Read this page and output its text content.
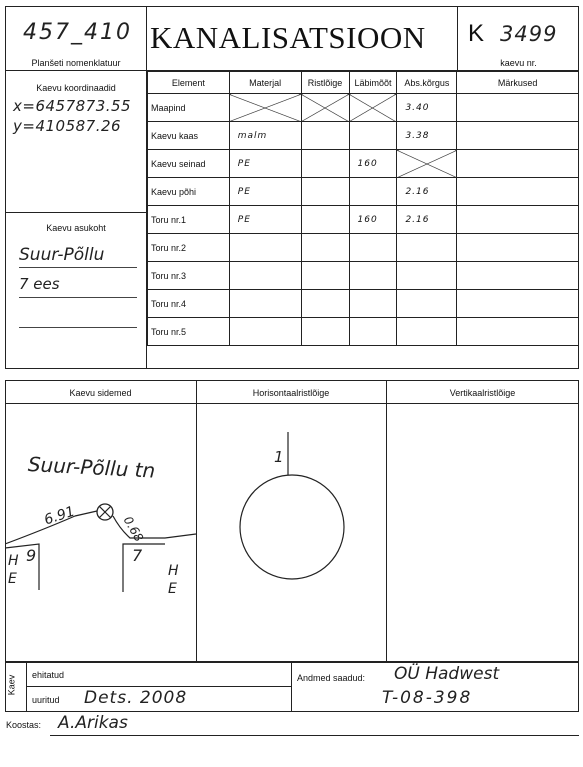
457_410
Planšeti nomenklatuur
KANALISATSIOON K 3499
kaevu nr.
Kaevu koordinaadid
x=6457873.55
y=410587.26
Kaevu asukoht
Suur-Põllu
7 ees
Element	Materjal	Ristlõige	Läbimõõt	Abs.kõrgus	Märkused
Maapind				3.40	
Kaevu kaas	malm			3.38	
Kaevu seinad	PE		160		
Kaevu põhi	PE			2.16	
Toru nr.1	PE		160	2.16	
Toru nr.2					
Toru nr.3					
Toru nr.4					
Toru nr.5					
Kaevu sidemed	Horisontaalristlõige	Vertikaalristlõige
Suur-Põllu tn
6.91	0.68
9	7
H E	H E
1
Kaev ehitatud
uuritud Dets. 2008
Andmed saadud: OÜ Hadwest
T-08-398
Koostas: A.Arikas
